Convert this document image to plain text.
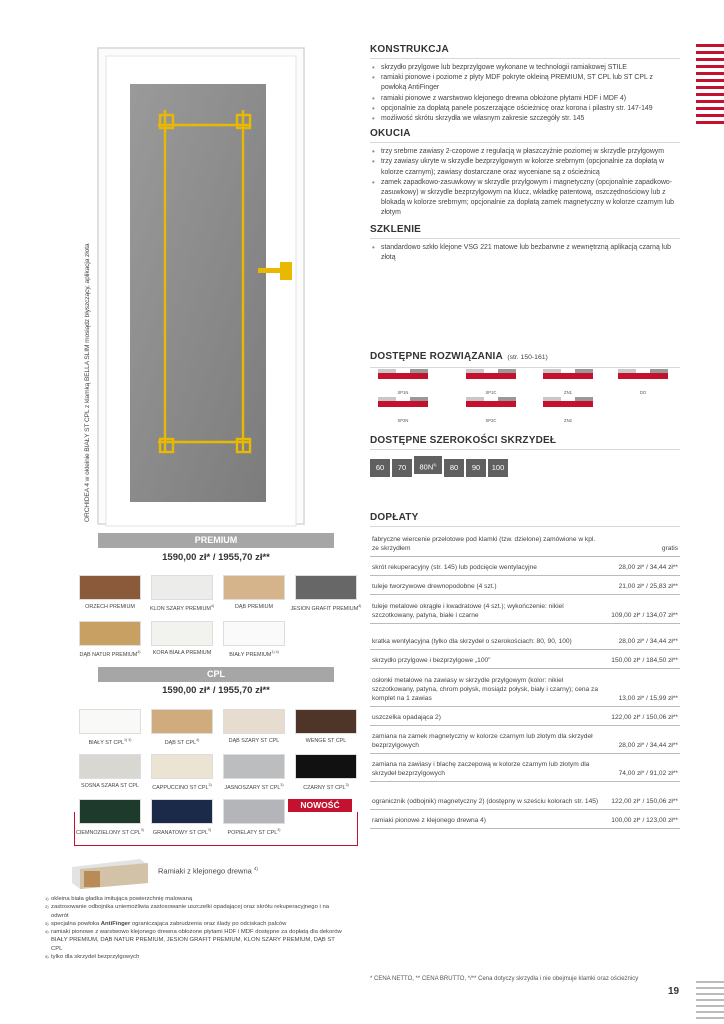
ORCHIDEA 4 w okleinie BIAŁY ST CPL z klamką BELLA SLIM mosiądz błyszczący, aplikacja złota
PREMIUM
1590,00 zł* / 1955,70 zł**
ORZECH PREMIUM	KLON SZARY PREMIUM$^{4)}$	DĄB PREMIUM	JESION GRAFIT PREMIUM$^{4)}$
DĄB NATUR PREMIUM$^{4)}$	KORA BIAŁA PREMIUM	BIAŁY $PREMIUM^{1) 4)}$
CPL
1590,00 zł* / 1955,70 zł**
BIAŁY ST $CPL^{1) 3)}$	DĄB ST CPL$^{4)}$	DĄB SZARY ST CPL	WENGE ST CPL
SOSNA SZARA ST CPL	CAPPUCCINO ST CPL$^{3)}$	JASNOSZARY ST CPL$^{3)}$	CZARNY ST CPL$^{3)}$
CIEMNOZIELONY ST CPL$^{3)}$	GRANATOWY ST CPL$^{3)}$	POPIELATY ST CPL$^{3)}$
NOWOŚĆ
Ramiaki z klejonego drewna $^{4)}$
1) okleina biała gładka imitująca powierzchnię malowaną
2) zastosowanie odbojnika uniemożliwia zastosowanie uszczelki opadającej oraz skrótu rekuperacyjnego i na odwrót
3) specjalna powłoka AntiFinger ograniczająca zabrudzenia oraz ślady po odciskach palców
4) ramiaki pionowe z warstwowo klejonego drewna obłożone płytami HDF i MDF dostępne za dopłatą dla dekorów BIAŁY PREMIUM, DĄB NATUR PREMIUM, JESION GRAFIT PREMIUM, KLON SZARY PREMIUM, DĄB ST CPL
5) tylko dla skrzydeł bezprzylgowych
KONSTRUKCJA
• skrzydło przylgowe lub bezprzylgowe wykonane w technologii ramiakowej STILE
• ramiaki pionowe i poziome z płyty MDF pokryte okleiną PREMIUM, ST CPL lub ST CPL z powłoką AntiFinger
• ramiaki pionowe z warstwowo klejonego drewna obłożone płytami HDF i MDF 4)
• opcjonalnie za dopłatą panele poszerzające ościeżnicę oraz korona i pilastry str. 147-149
• możliwość skrótu skrzydła we własnym zakresie szczegóły str. 145
OKUCIA
• trzy srebrne zawiasy 2-czopowe z regulacją w płaszczyźnie poziomej w skrzydle przylgowym
• trzy zawiasy ukryte w skrzydle bezprzylgowym w kolorze srebrnym (opcjonalnie za dopłatą w kolorze czarnym); zawiasy dostarczane oraz wyceniane są z ościeżnicą
• zamek zapadkowo-zasuwkowy w skrzydle przylgowym i magnetyczny (opcjonalnie zapadkowo-zasuwkowy) w skrzydle bezprzylgowym na klucz, wkładkę patentową, oszczędnościowy lub z blokadą w kolorze srebrnym; opcjonalnie za dopłatą zamek magnetyczny w kolorze czarnym lub złotym
SZKLENIE
• standardowo szkło klejone VSG 221 matowe lub bezbarwne z wewnętrzną aplikacją czarną lub złotą
DOSTĘPNE ROZWIĄZANIA (str. 150-161)
SP1N	SP1C	ZN1	DO
SP2N	SP2C	ZN2
DOSTĘPNE SZEROKOŚCI SKRZYDEŁ
60 70 $80N^{5)}$ 80 90 100
DOPŁATY
fabryczne wiercenie przelotowe pod klamki (tzw. dzielone) zamówione w kpl. ze skrzydłem	gratis
skrót rekuperacyjny (str. 145) lub podcięcie wentylacyjne	28,00 zł* / 34,44 zł**
tuleje tworzywowe drewnopodobne (4 szt.)	21,00 zł* / 25,83 zł**
tuleje metalowe okrągłe i kwadratowe (4 szt.); wykończenie: nikiel szczotkowany, patyna, białe i czarne	109,00 zł* / 134,07 zł**
kratka wentylacyjna (tylko dla skrzydeł o szerokościach: 80, 90, 100)	28,00 zł* / 34,44 zł**
skrzydło przylgowe i bezprzylgowe „100"	150,00 zł* / 184,50 zł**
osłonki metalowe na zawiasy w skrzydle przylgowym (kolor: nikiel szczotkowany, patyna, chrom połysk, mosiądz połysk, biały i czarny); cena za komplet na 1 zawias	13,00 zł* / 15,99 zł**
uszczelka opadająca 2)	122,00 zł* / 150,06 zł**
zamiana na zamek magnetyczny w kolorze czarnym lub złotym dla skrzydeł bezprzylgowych	28,00 zł* / 34,44 zł**
zamiana na zawiasy i blachę zaczepową w kolorze czarnym lub złotym dla skrzydeł bezprzylgowych	74,00 zł* / 91,02 zł**
ogranicznik (odbojnik) magnetyczny 2) (dostępny w sześciu kolorach str. 145)	122,00 zł* / 150,06 zł**
ramiaki pionowe z klejonego drewna 4)	100,00 zł* / 123,00 zł**
* CENA NETTO, ** CENA BRUTTO, */** Cena dotyczy skrzydła i nie obejmuje klamki oraz ościeżnicy
19
